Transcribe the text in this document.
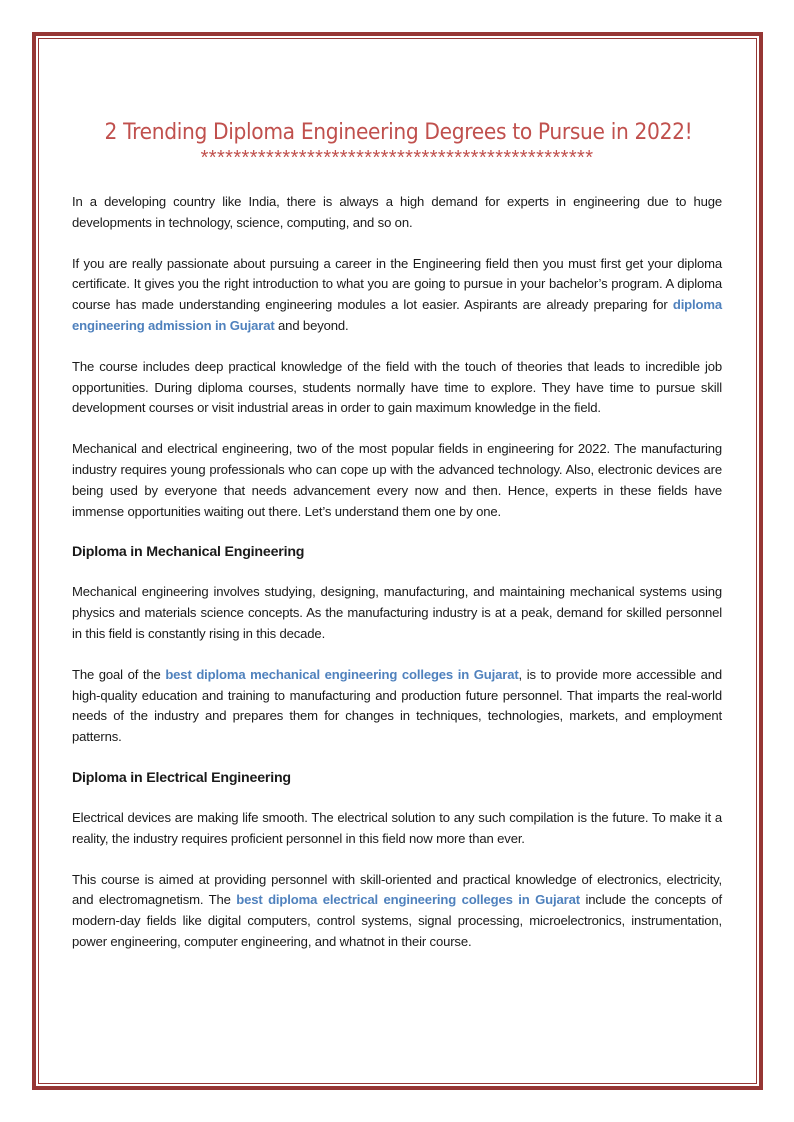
2 Trending Diploma Engineering Degrees to Pursue in 2022!
************************************************

In a developing country like India, there is always a high demand for experts in engineering due to huge developments in technology, science, computing, and so on.

If you are really passionate about pursuing a career in the Engineering field then you must first get your diploma certificate. It gives you the right introduction to what you are going to pursue in your bachelor’s program. A diploma course has made understanding engineering modules a lot easier. Aspirants are already preparing for diploma engineering admission in Gujarat and beyond.

The course includes deep practical knowledge of the field with the touch of theories that leads to incredible job opportunities. During diploma courses, students normally have time to explore. They have time to pursue skill development courses or visit industrial areas in order to gain maximum knowledge in the field.

Mechanical and electrical engineering, two of the most popular fields in engineering for 2022. The manufacturing industry requires young professionals who can cope up with the advanced technology. Also, electronic devices are being used by everyone that needs advancement every now and then. Hence, experts in these fields have immense opportunities waiting out there. Let’s understand them one by one.

Diploma in Mechanical Engineering

Mechanical engineering involves studying, designing, manufacturing, and maintaining mechanical systems using physics and materials science concepts. As the manufacturing industry is at a peak, demand for skilled personnel in this field is constantly rising in this decade.

The goal of the best diploma mechanical engineering colleges in Gujarat, is to provide more accessible and high-quality education and training to manufacturing and production future personnel. That imparts the real-world needs of the industry and prepares them for changes in techniques, technologies, markets, and employment patterns.

Diploma in Electrical Engineering

Electrical devices are making life smooth. The electrical solution to any such compilation is the future. To make it a reality, the industry requires proficient personnel in this field now more than ever.

This course is aimed at providing personnel with skill-oriented and practical knowledge of electronics, electricity, and electromagnetism. The best diploma electrical engineering colleges in Gujarat include the concepts of modern-day fields like digital computers, control systems, signal processing, microelectronics, instrumentation, power engineering, computer engineering, and whatnot in their course.
